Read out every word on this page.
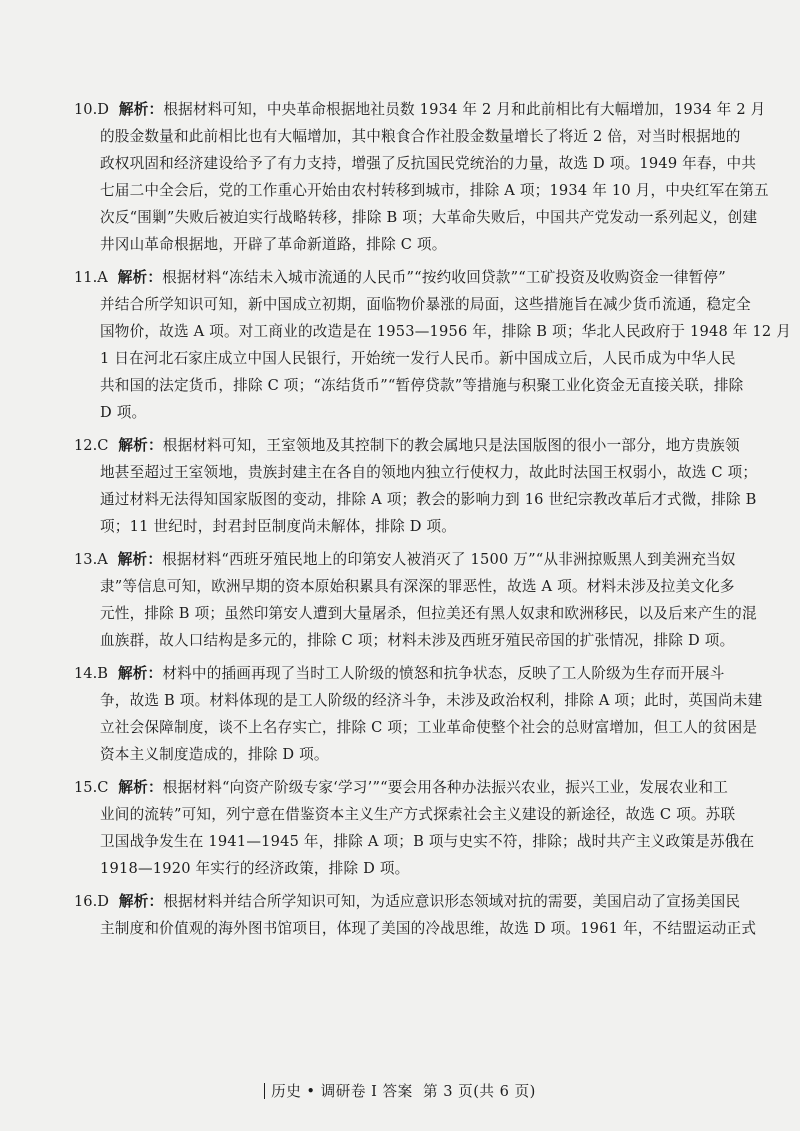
10.D 解析：根据材料可知，中央革命根据地社员数 1934 年 2 月和此前相比有大幅增加，1934 年 2 月
的股金数量和此前相比也有大幅增加，其中粮食合作社股金数量增长了将近 2 倍，对当时根据地的
政权巩固和经济建设给予了有力支持，增强了反抗国民党统治的力量，故选 D 项。1949 年春，中共
七届二中全会后，党的工作重心开始由农村转移到城市，排除 A 项；1934 年 10 月，中央红军在第五
次反“围剿”失败后被迫实行战略转移，排除 B 项；大革命失败后，中国共产党发动一系列起义，创建
井冈山革命根据地，开辟了革命新道路，排除 C 项。
11.A 解析：根据材料“冻结未入城市流通的人民币”“按约收回贷款”“工矿投资及收购资金一律暂停”
并结合所学知识可知，新中国成立初期，面临物价暴涨的局面，这些措施旨在减少货币流通，稳定全
国物价，故选 A 项。对工商业的改造是在 1953—1956 年，排除 B 项；华北人民政府于 1948 年 12 月
1 日在河北石家庄成立中国人民银行，开始统一发行人民币。新中国成立后，人民币成为中华人民
共和国的法定货币，排除 C 项；“冻结货币”“暂停贷款”等措施与积聚工业化资金无直接关联，排除
D 项。
12.C 解析：根据材料可知，王室领地及其控制下的教会属地只是法国版图的很小一部分，地方贵族领
地甚至超过王室领地，贵族封建主在各自的领地内独立行使权力，故此时法国王权弱小，故选 C 项；
通过材料无法得知国家版图的变动，排除 A 项；教会的影响力到 16 世纪宗教改革后才式微，排除 B
项；11 世纪时，封君封臣制度尚未解体，排除 D 项。
13.A 解析：根据材料“西班牙殖民地上的印第安人被消灭了 1500 万”“从非洲掠贩黑人到美洲充当奴
隶”等信息可知，欧洲早期的资本原始积累具有深深的罪恶性，故选 A 项。材料未涉及拉美文化多
元性，排除 B 项；虽然印第安人遭到大量屠杀，但拉美还有黑人奴隶和欧洲移民，以及后来产生的混
血族群，故人口结构是多元的，排除 C 项；材料未涉及西班牙殖民帝国的扩张情况，排除 D 项。
14.B 解析：材料中的插画再现了当时工人阶级的愤怒和抗争状态，反映了工人阶级为生存而开展斗
争，故选 B 项。材料体现的是工人阶级的经济斗争，未涉及政治权利，排除 A 项；此时，英国尚未建
立社会保障制度，谈不上名存实亡，排除 C 项；工业革命使整个社会的总财富增加，但工人的贫困是
资本主义制度造成的，排除 D 项。
15.C 解析：根据材料“向资产阶级专家‘学习’”“要会用各种办法振兴农业，振兴工业，发展农业和工
业间的流转”可知，列宁意在借鉴资本主义生产方式探索社会主义建设的新途径，故选 C 项。苏联
卫国战争发生在 1941—1945 年，排除 A 项；B 项与史实不符，排除；战时共产主义政策是苏俄在
1918—1920 年实行的经济政策，排除 D 项。
16.D 解析：根据材料并结合所学知识可知，为适应意识形态领域对抗的需要，美国启动了宣扬美国民
主制度和价值观的海外图书馆项目，体现了美国的冷战思维，故选 D 项。1961 年，不结盟运动正式
历史 • 调研卷 Ⅰ 答案 第 3 页(共 6 页)
